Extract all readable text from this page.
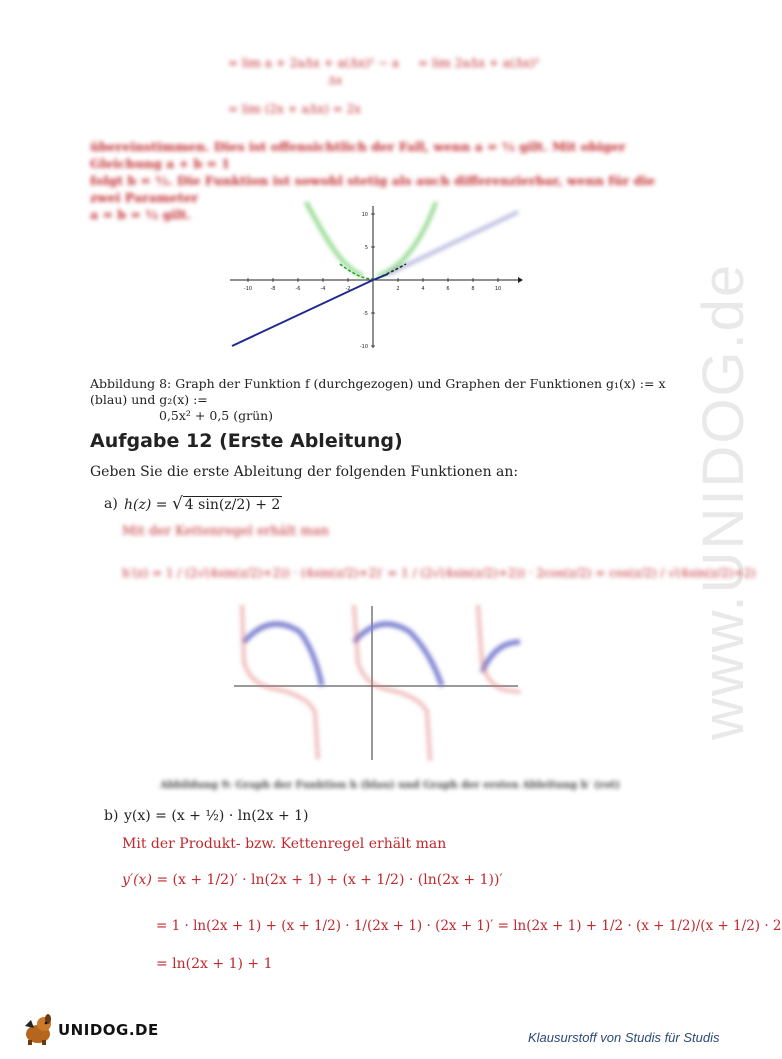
www.UNIDOG.de
= lim a + 2aΔx + a(Δx)² − a
Δx
= lim 2aΔx + a(Δx)²
= lim (2x + aΔx) = 2x
übereinstimmen. Dies ist offensichtlich der Fall, wenn a = ½ gilt. Mit obiger Gleichung a + b = 1
folgt b = ½. Die Funktion ist sowohl stetig als auch differenzierbar, wenn für die zwei Parameter
a = b = ½ gilt.
-10	-8	-6	-4	-2	2	4	6	8	10
10
5
-5
-10
Abbildung 8: Graph der Funktion f (durchgezogen) und Graphen der Funktionen g₁(x) := x (blau) und g₂(x) :=
0,5x² + 0,5 (grün)
Aufgabe 12 (Erste Ableitung)
Geben Sie die erste Ableitung der folgenden Funktionen an:
a) h(z) = √ 4 sin(z/2) + 2
Mit der Kettenregel erhält man
h′(z) = 1 / (2√(4sin(z/2)+2)) · (4sin(z/2)+2)′ = 1 / (2√(4sin(z/2)+2)) · 2cos(z/2) = cos(z/2) / √(4sin(z/2)+2)
Abbildung 9: Graph der Funktion h (blau) und Graph der ersten Ableitung h′ (rot)
b) y(x) = (x + ½) · ln(2x + 1)
Mit der Produkt- bzw. Kettenregel erhält man
y′(x) = (x + 1/2)′ · ln(2x + 1) + (x + 1/2) · (ln(2x + 1))′
= 1 · ln(2x + 1) + (x + 1/2) · 1/(2x + 1) · (2x + 1)′ = ln(2x + 1) + 1/2 · (x + 1/2)/(x + 1/2) · 2
= ln(2x + 1) + 1
UNIDOG.DE	Klausurstoff von Studis für Studis
